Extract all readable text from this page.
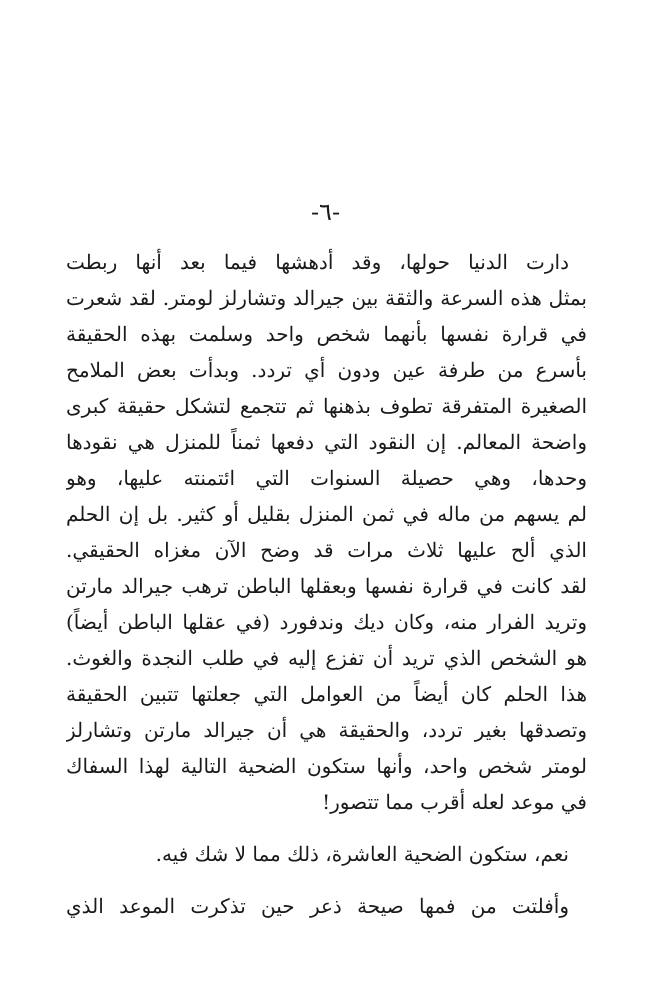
-٦-
دارت الدنيا حولها، وقد أدهشها فيما بعد أنها ربطت
بمثل هذه السرعة والثقة بين جيرالد وتشارلز لومتر. لقد شعرت
في قرارة نفسها بأنهما شخص واحد وسلمت بهذه الحقيقة
بأسرع من طرفة عين ودون أي تردد. وبدأت بعض الملامح
الصغيرة المتفرقة تطوف بذهنها ثم تتجمع لتشكل حقيقة كبرى
واضحة المعالم. إن النقود التي دفعها ثمناً للمنزل هي نقودها
وحدها، وهي حصيلة السنوات التي ائتمنته عليها، وهو
لم يسهم من ماله في ثمن المنزل بقليل أو كثير. بل إن الحلم
الذي ألح عليها ثلاث مرات قد وضح الآن مغزاه الحقيقي.
لقد كانت في قرارة نفسها وبعقلها الباطن ترهب جيرالد مارتن
وتريد الفرار منه، وكان ديك وندفورد (في عقلها الباطن أيضاً)
هو الشخص الذي تريد أن تفزع إليه في طلب النجدة والغوث.
هذا الحلم كان أيضاً من العوامل التي جعلتها تتبين الحقيقة
وتصدقها بغير تردد، والحقيقة هي أن جيرالد مارتن وتشارلز
لومتر شخص واحد، وأنها ستكون الضحية التالية لهذا السفاك
في موعد لعله أقرب مما تتصور!
نعم، ستكون الضحية العاشرة، ذلك مما لا شك فيه.
وأفلتت من فمها صيحة ذعر حين تذكرت الموعد الذي
